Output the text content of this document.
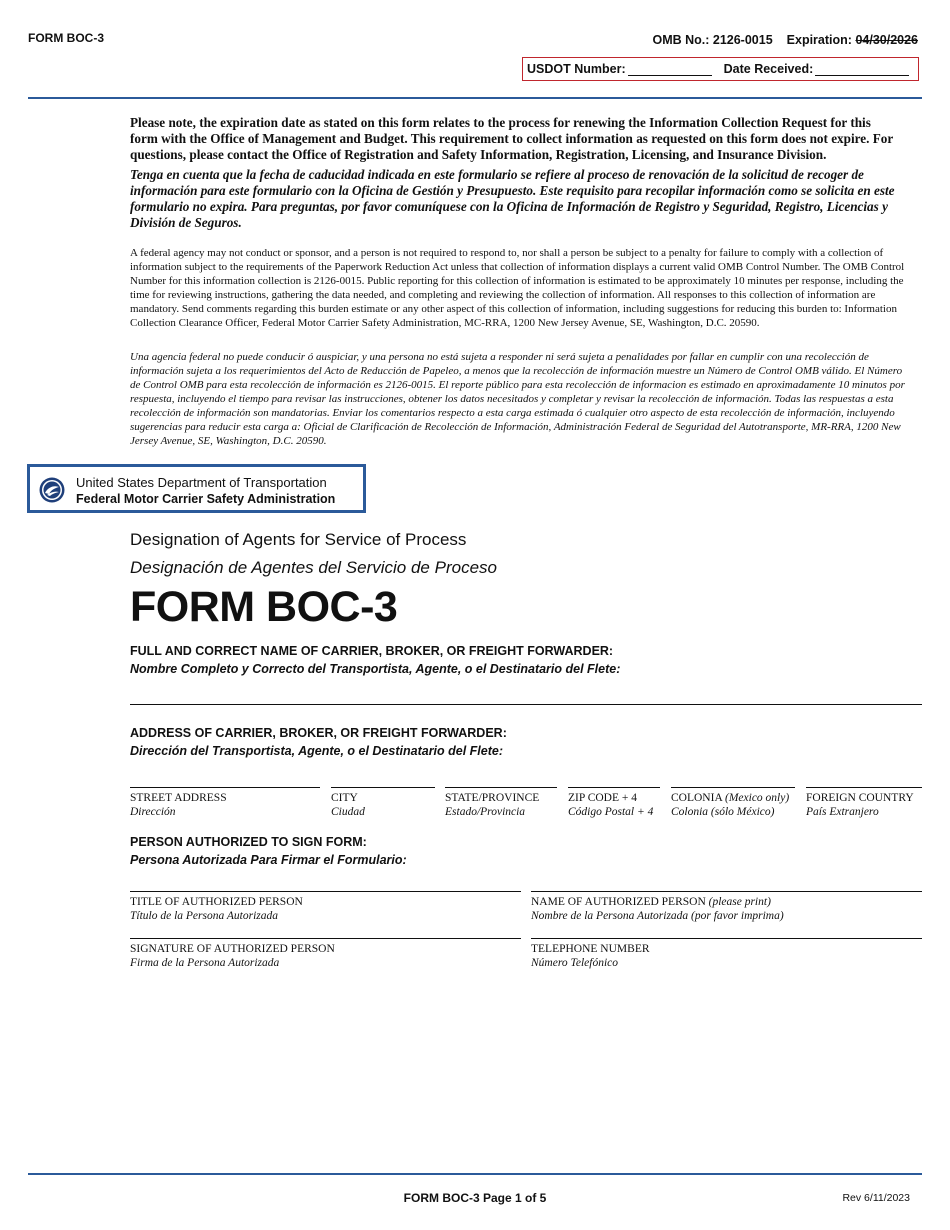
FORM BOC-3	OMB No.: 2126-0015 Expiration: 04/30/2026
USDOT Number:	Date Received:
Please note, the expiration date as stated on this form relates to the process for renewing the Information Collection Request for this form with the Office of Management and Budget. This requirement to collect information as requested on this form does not expire. For questions, please contact the Office of Registration and Safety Information, Registration, Licensing, and Insurance Division.
Tenga en cuenta que la fecha de caducidad indicada en este formulario se refiere al proceso de renovación de la solicitud de recoger de información para este formulario con la Oficina de Gestión y Presupuesto. Este requisito para recopilar información como se solicita en este formulario no expira. Para preguntas, por favor comuníquese con la Oficina de Información de Registro y Seguridad, Registro, Licencias y División de Seguros.
A federal agency may not conduct or sponsor, and a person is not required to respond to, nor shall a person be subject to a penalty for failure to comply with a collection of information subject to the requirements of the Paperwork Reduction Act unless that collection of information displays a current valid OMB Control Number. The OMB Control Number for this information collection is 2126-0015. Public reporting for this collection of information is estimated to be approximately 10 minutes per response, including the time for reviewing instructions, gathering the data needed, and completing and reviewing the collection of information. All responses to this collection of information are mandatory. Send comments regarding this burden estimate or any other aspect of this collection of information, including suggestions for reducing this burden to: Information Collection Clearance Officer, Federal Motor Carrier Safety Administration, MC-RRA, 1200 New Jersey Avenue, SE, Washington, D.C. 20590.
Una agencia federal no puede conducir ó auspiciar, y una persona no está sujeta a responder ni será sujeta a penalidades por fallar en cumplir con una recolección de información sujeta a los requerimientos del Acto de Reducción de Papeleo, a menos que la recolección de información muestre un Número de Control OMB válido. El Número de Control OMB para esta recolección de información es 2126-0015. El reporte público para esta recolección de informacion es estimado en aproximadamente 10 minutos por respuesta, incluyendo el tiempo para revisar las instrucciones, obtener los datos necesitados y completar y revisar la recolección de información. Todas las respuestas a esta recolección de información son mandatorias. Enviar los comentarios respecto a esta carga estimada ó cualquier otro aspecto de esta recolección de información, incluyendo sugerencias para reducir esta carga a: Oficial de Clarificación de Recolección de Información, Administración Federal de Seguridad del Autotransporte, MR-RRA, 1200 New Jersey Avenue, SE, Washington, D.C. 20590.
United States Department of Transportation
Federal Motor Carrier Safety Administration
Designation of Agents for Service of Process
Designación de Agentes del Servicio de Proceso
FORM BOC-3
FULL AND CORRECT NAME OF CARRIER, BROKER, OR FREIGHT FORWARDER:
Nombre Completo y Correcto del Transportista, Agente, o el Destinatario del Flete:
ADDRESS OF CARRIER, BROKER, OR FREIGHT FORWARDER:
Dirección del Transportista, Agente, o el Destinatario del Flete:
STREET ADDRESS
Dirección
CITY
Ciudad
STATE/PROVINCE
Estado/Provincia
ZIP CODE + 4
Código Postal + 4
COLONIA (Mexico only)
Colonia (sólo México)
FOREIGN COUNTRY
País Extranjero
PERSON AUTHORIZED TO SIGN FORM:
Persona Autorizada Para Firmar el Formulario:
TITLE OF AUTHORIZED PERSON
Título de la Persona Autorizada
NAME OF AUTHORIZED PERSON (please print)
Nombre de la Persona Autorizada (por favor imprima)
SIGNATURE OF AUTHORIZED PERSON
Firma de la Persona Autorizada
TELEPHONE NUMBER
Número Telefónico
FORM BOC-3 Page 1 of 5	Rev 6/11/2023
